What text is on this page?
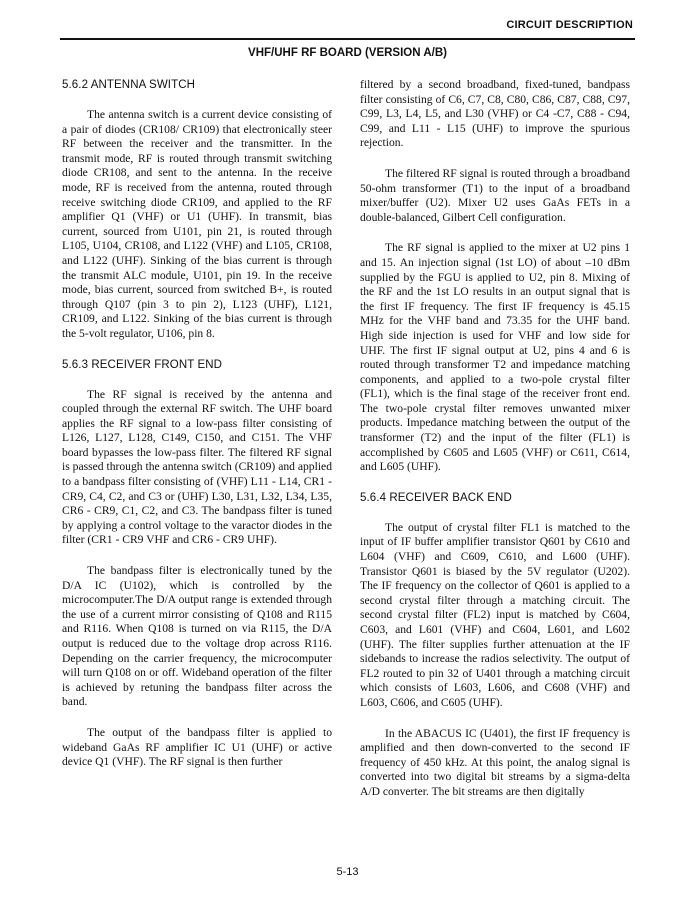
CIRCUIT DESCRIPTION
VHF/UHF RF BOARD (VERSION A/B)
5.6.2 ANTENNA SWITCH

The antenna switch is a current device consisting of a pair of diodes (CR108/ CR109) that electronically steer RF between the receiver and the transmitter. In the transmit mode, RF is routed through transmit switching diode CR108, and sent to the antenna. In the receive mode, RF is received from the antenna, routed through receive switching diode CR109, and applied to the RF amplifier Q1 (VHF) or U1 (UHF). In transmit, bias current, sourced from U101, pin 21, is routed through L105, U104, CR108, and L122 (VHF) and L105, CR108, and L122 (UHF). Sinking of the bias current is through the transmit ALC module, U101, pin 19. In the receive mode, bias current, sourced from switched B+, is routed through Q107 (pin 3 to pin 2), L123 (UHF), L121, CR109, and L122. Sinking of the bias current is through the 5-volt regulator, U106, pin 8.

5.6.3 RECEIVER FRONT END

The RF signal is received by the antenna and coupled through the external RF switch. The UHF board applies the RF signal to a low-pass filter consisting of L126, L127, L128, C149, C150, and C151. The VHF board bypasses the low-pass filter. The filtered RF signal is passed through the antenna switch (CR109) and applied to a bandpass filter consisting of (VHF) L11 - L14, CR1 - CR9, C4, C2, and C3 or (UHF) L30, L31, L32, L34, L35, CR6 - CR9, C1, C2, and C3. The bandpass filter is tuned by applying a control voltage to the varactor diodes in the filter (CR1 - CR9 VHF and CR6 - CR9 UHF).

The bandpass filter is electronically tuned by the D/A IC (U102), which is controlled by the microcomputer.The D/A output range is extended through the use of a current mirror consisting of Q108 and R115 and R116. When Q108 is turned on via R115, the D/A output is reduced due to the voltage drop across R116. Depending on the carrier frequency, the microcomputer will turn Q108 on or off. Wideband operation of the filter is achieved by retuning the bandpass filter across the band.

The output of the bandpass filter is applied to wideband GaAs RF amplifier IC U1 (UHF) or active device Q1 (VHF). The RF signal is then further

filtered by a second broadband, fixed-tuned, bandpass filter consisting of C6, C7, C8, C80, C86, C87, C88, C97, C99, L3, L4, L5, and L30 (VHF) or C4 -C7, C88 - C94, C99, and L11 - L15 (UHF) to improve the spurious rejection.

The filtered RF signal is routed through a broadband 50-ohm transformer (T1) to the input of a broadband mixer/buffer (U2). Mixer U2 uses GaAs FETs in a double-balanced, Gilbert Cell configuration.

The RF signal is applied to the mixer at U2 pins 1 and 15. An injection signal (1st LO) of about –10 dBm supplied by the FGU is applied to U2, pin 8. Mixing of the RF and the 1st LO results in an output signal that is the first IF frequency. The first IF frequency is 45.15 MHz for the VHF band and 73.35 for the UHF band. High side injection is used for VHF and low side for UHF. The first IF signal output at U2, pins 4 and 6 is routed through transformer T2 and impedance matching components, and applied to a two-pole crystal filter (FL1), which is the final stage of the receiver front end. The two-pole crystal filter removes unwanted mixer products. Impedance matching between the output of the transformer (T2) and the input of the filter (FL1) is accomplished by C605 and L605 (VHF) or C611, C614, and L605 (UHF).

5.6.4 RECEIVER BACK END

The output of crystal filter FL1 is matched to the input of IF buffer amplifier transistor Q601 by C610 and L604 (VHF) and C609, C610, and L600 (UHF). Transistor Q601 is biased by the 5V regulator (U202). The IF frequency on the collector of Q601 is applied to a second crystal filter through a matching circuit. The second crystal filter (FL2) input is matched by C604, C603, and L601 (VHF) and C604, L601, and L602 (UHF). The filter supplies further attenuation at the IF sidebands to increase the radios selectivity. The output of FL2 routed to pin 32 of U401 through a matching circuit which consists of L603, L606, and C608 (VHF) and L603, C606, and C605 (UHF).

In the ABACUS IC (U401), the first IF frequency is amplified and then down-converted to the second IF frequency of 450 kHz. At this point, the analog signal is converted into two digital bit streams by a sigma-delta A/D converter. The bit streams are then digitally

5-13
